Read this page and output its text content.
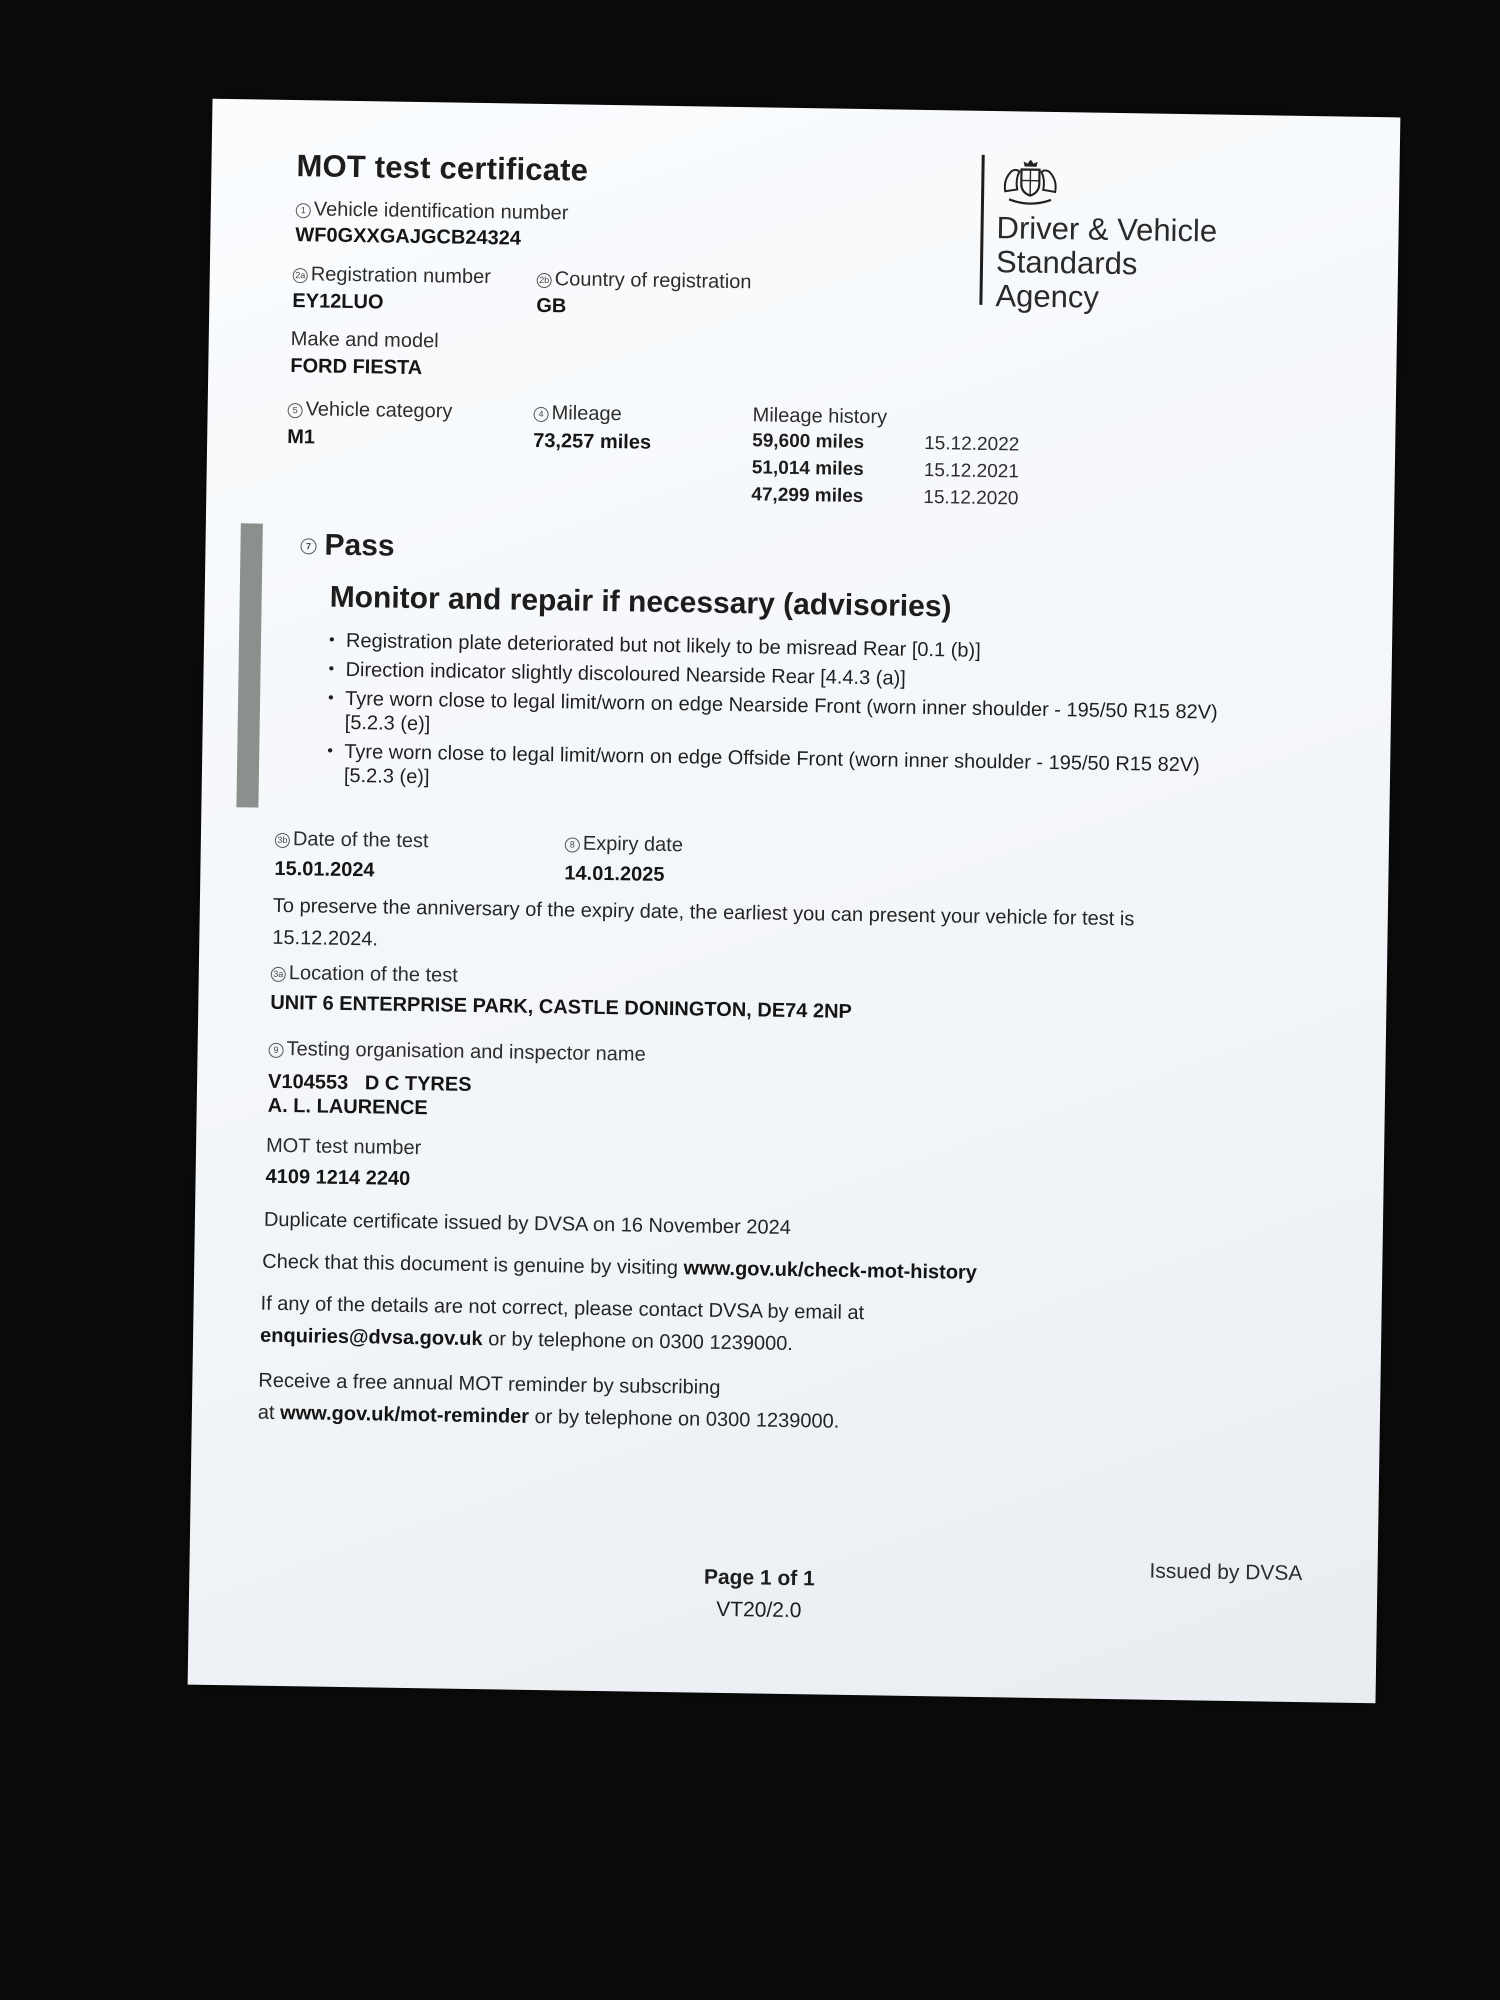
MOT test certificate
Driver & Vehicle
Standards
Agency
1 Vehicle identification number
WF0GXXGAJGCB24324
2a Registration number
EY12LUO
2b Country of registration
GB
Make and model
FORD FIESTA
5 Vehicle category
M1
4 Mileage
73,257 miles
Mileage history
59,600 miles	15.12.2022
51,014 miles	15.12.2021
47,299 miles	15.12.2020
7 Pass
Monitor and repair if necessary (advisories)
• Registration plate deteriorated but not likely to be misread Rear [0.1 (b)]
• Direction indicator slightly discoloured Nearside Rear [4.4.3 (a)]
• Tyre worn close to legal limit/worn on edge Nearside Front (worn inner shoulder - 195/50 R15 82V) [5.2.3 (e)]
• Tyre worn close to legal limit/worn on edge Offside Front (worn inner shoulder - 195/50 R15 82V) [5.2.3 (e)]
3b Date of the test
15.01.2024
8 Expiry date
14.01.2025
To preserve the anniversary of the expiry date, the earliest you can present your vehicle for test is
15.12.2024.
3a Location of the test
UNIT 6 ENTERPRISE PARK, CASTLE DONINGTON, DE74 2NP
9 Testing organisation and inspector name
V104553   D C TYRES
A. L. LAURENCE
MOT test number
4109 1214 2240
Duplicate certificate issued by DVSA on 16 November 2024
Check that this document is genuine by visiting www.gov.uk/check-mot-history
If any of the details are not correct, please contact DVSA by email at
enquiries@dvsa.gov.uk or by telephone on 0300 1239000.
Receive a free annual MOT reminder by subscribing
at www.gov.uk/mot-reminder or by telephone on 0300 1239000.
Page 1 of 1
VT20/2.0
Issued by DVSA
